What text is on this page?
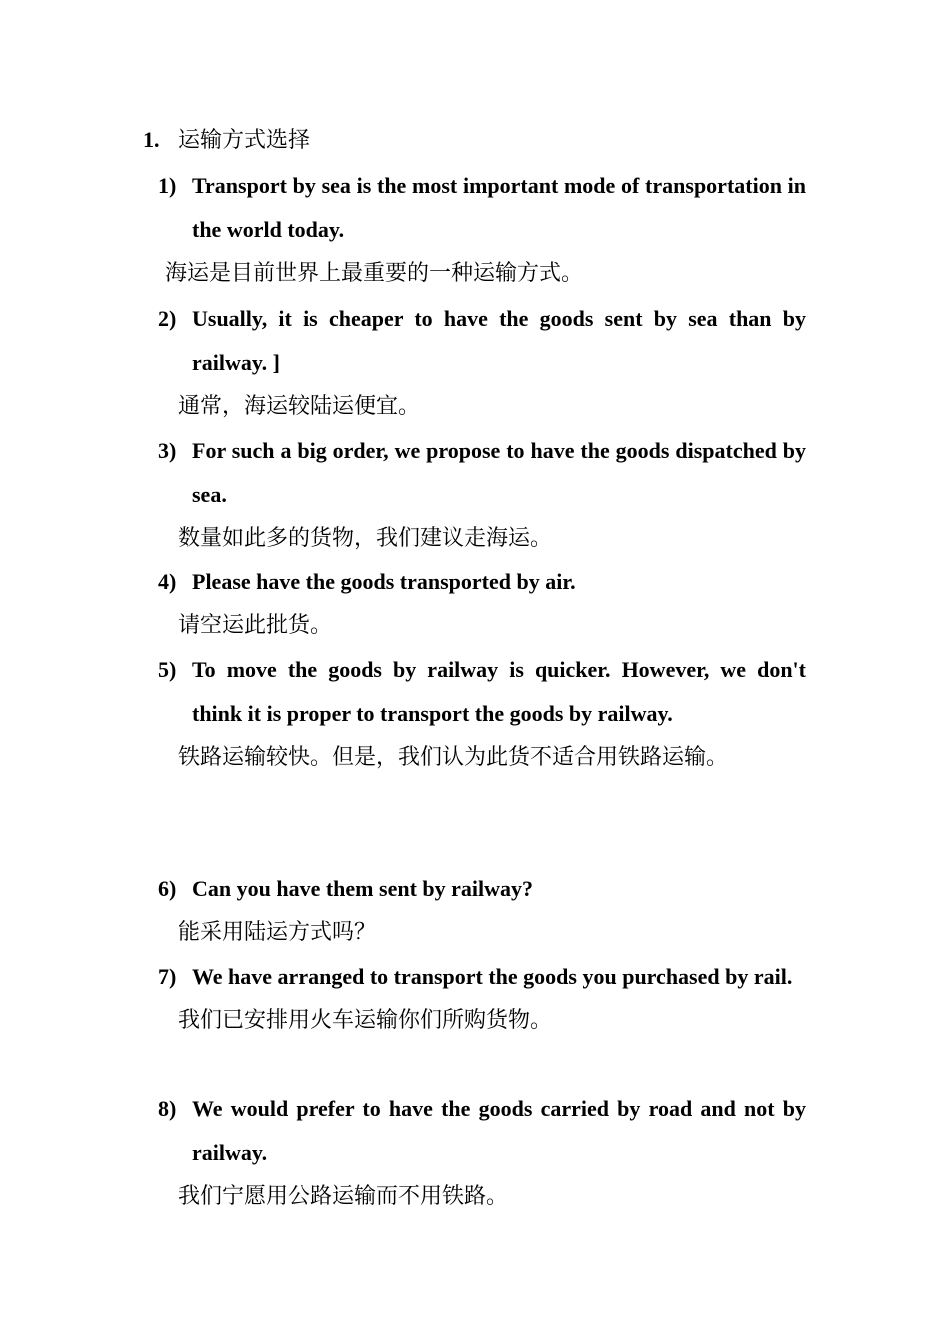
1. 运输方式选择
1) Transport by sea is the most important mode of transportation in the world today.
海运是目前世界上最重要的一种运输方式。
2) Usually, it is cheaper to have the goods sent by sea than by railway. ]
通常，海运较陆运便宜。
3) For such a big order, we propose to have the goods dispatched by sea.
数量如此多的货物，我们建议走海运。
4) Please have the goods transported by air.
请空运此批货。
5) To move the goods by railway is quicker. However, we don't think it is proper to transport the goods by railway.
铁路运输较快。但是，我们认为此货不适合用铁路运输。
6) Can you have them sent by railway?
能采用陆运方式吗？
7) We have arranged to transport the goods you purchased by rail.
我们已安排用火车运输你们所购货物。
8) We would prefer to have the goods carried by road and not by railway.
我们宁愿用公路运输而不用铁路。
